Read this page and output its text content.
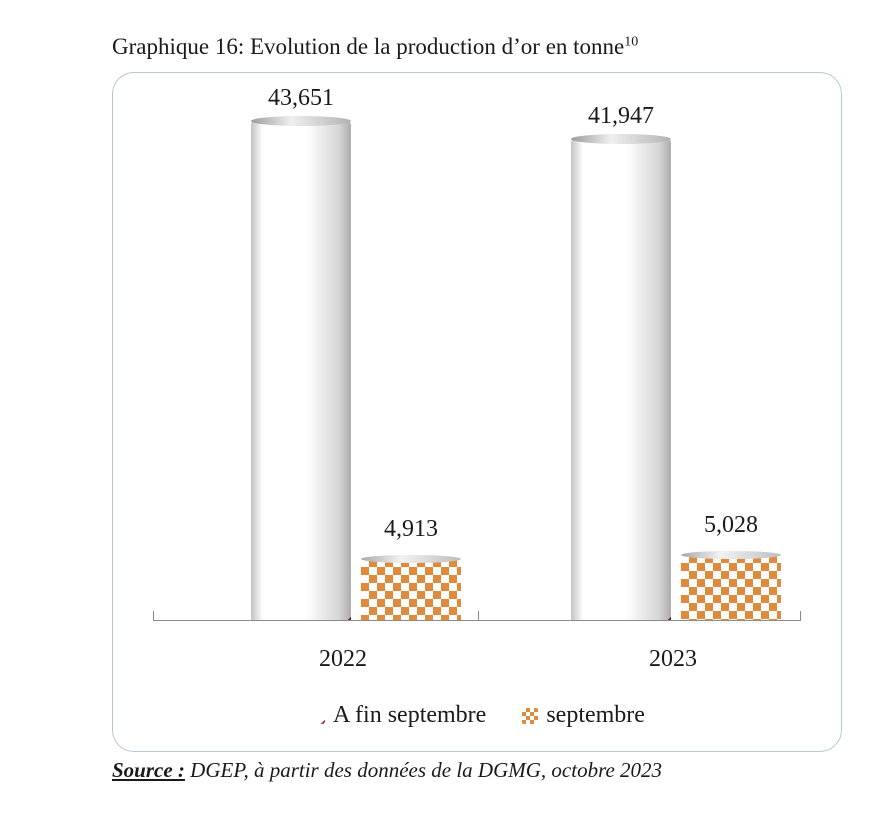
Graphique 16: Evolution de la production d’or en tonne$^{10}$
43,651
4,913
41,947
5,028
2022	2023
A fin septembre	septembre
Source : DGEP, à partir des données de la DGMG, octobre 2023
